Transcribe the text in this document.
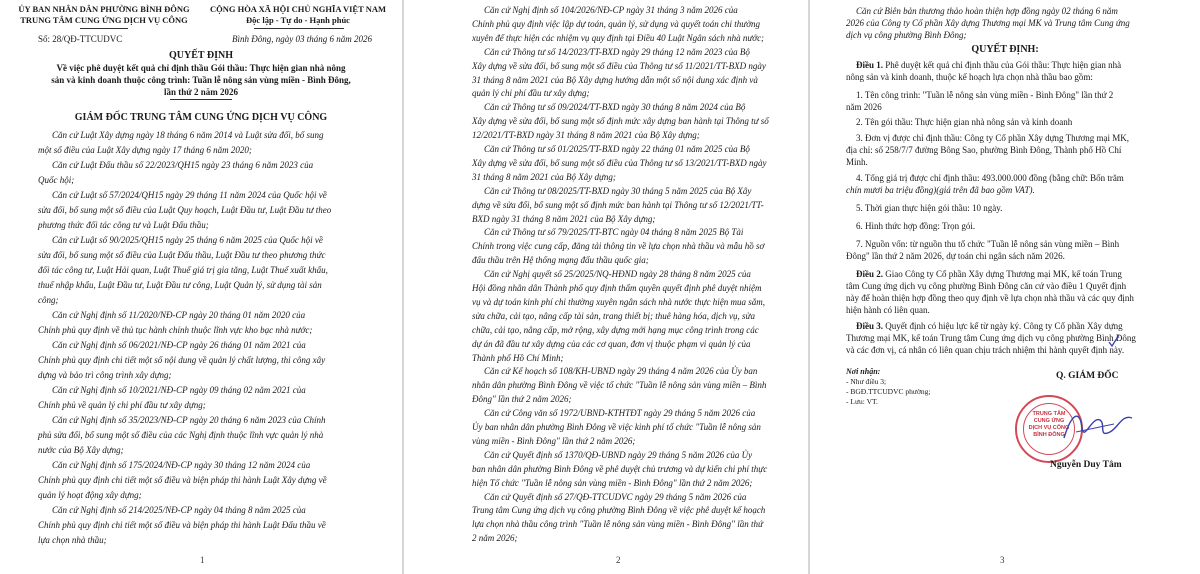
ỦY BAN NHÂN DÂN PHƯỜNG BÌNH ĐÔNG
TRUNG TÂM CUNG ỨNG DỊCH VỤ CÔNG
CỘNG HÒA XÃ HỘI CHỦ NGHĨA VIỆT NAM
Độc lập - Tự do - Hạnh phúc
Số: 28/QĐ-TTCUDVC	Bình Đông, ngày 03 tháng 6 năm 2026
QUYẾT ĐỊNH
Về việc phê duyệt kết quả chỉ định thầu Gói thầu: Thực hiện gian nhà nông
sản và kinh doanh thuộc công trình: Tuần lễ nông sản vùng miền - Bình Đông,
lần thứ 2 năm 2026
GIÁM ĐỐC TRUNG TÂM CUNG ỨNG DỊCH VỤ CÔNG
Căn cứ Luật Xây dựng ngày 18 tháng 6 năm 2014 và Luật sửa đổi, bổ sung
một số điều của Luật Xây dựng ngày 17 tháng 6 năm 2020;
Căn cứ Luật Đấu thầu số 22/2023/QH15 ngày 23 tháng 6 năm 2023 của
Quốc hội;
Căn cứ Luật số 57/2024/QH15 ngày 29 tháng 11 năm 2024 của Quốc hội về
sửa đổi, bổ sung một số điều của Luật Quy hoạch, Luật Đầu tư, Luật Đầu tư theo
phương thức đối tác công tư và Luật Đấu thầu;
Căn cứ Luật số 90/2025/QH15 ngày 25 tháng 6 năm 2025 của Quốc hội về
sửa đổi, bổ sung một số điều của Luật Đấu thầu, Luật Đầu tư theo phương thức
đối tác công tư, Luật Hải quan, Luật Thuế giá trị gia tăng, Luật Thuế xuất khẩu,
thuế nhập khẩu, Luật Đầu tư, Luật Đầu tư công, Luật Quản lý, sử dụng tài sản
công;
Căn cứ Nghị định số 11/2020/NĐ-CP ngày 20 tháng 01 năm 2020 của
Chính phủ quy định về thủ tục hành chính thuộc lĩnh vực kho bạc nhà nước;
Căn cứ Nghị định số 06/2021/NĐ-CP ngày 26 tháng 01 năm 2021 của
Chính phủ quy định chi tiết một số nội dung về quản lý chất lượng, thi công xây
dựng và bảo trì công trình xây dựng;
Căn cứ Nghị định số 10/2021/NĐ-CP ngày 09 tháng 02 năm 2021 của
Chính phủ về quản lý chi phí đầu tư xây dựng;
Căn cứ Nghị định số 35/2023/NĐ-CP ngày 20 tháng 6 năm 2023 của Chính
phủ sửa đổi, bổ sung một số điều của các Nghị định thuộc lĩnh vực quản lý nhà
nước của Bộ Xây dựng;
Căn cứ Nghị định số 175/2024/NĐ-CP ngày 30 tháng 12 năm 2024 của
Chính phủ quy định chi tiết một số điều và biện pháp thi hành Luật Xây dựng về
quản lý hoạt động xây dựng;
Căn cứ Nghị định số 214/2025/NĐ-CP ngày 04 tháng 8 năm 2025 của
Chính phủ quy định chi tiết một số điều và biện pháp thi hành Luật Đấu thầu về
lựa chọn nhà thầu;
1
Căn cứ Nghị định số 104/2026/NĐ-CP ngày 31 tháng 3 năm 2026 của
Chính phủ quy định việc lập dự toán, quản lý, sử dụng và quyết toán chi thường
xuyên để thực hiện các nhiệm vụ quy định tại Điều 40 Luật Ngân sách nhà nước;
Căn cứ Thông tư số 14/2023/TT-BXD ngày 29 tháng 12 năm 2023 của Bộ
Xây dựng về sửa đổi, bổ sung một số điều của Thông tư số 11/2021/TT-BXD ngày
31 tháng 8 năm 2021 của Bộ Xây dựng hướng dẫn một số nội dung xác định và
quản lý chi phí đầu tư xây dựng;
Căn cứ Thông tư số 09/2024/TT-BXD ngày 30 tháng 8 năm 2024 của Bộ
Xây dựng về sửa đổi, bổ sung một số định mức xây dựng ban hành tại Thông tư số
12/2021/TT-BXD ngày 31 tháng 8 năm 2021 của Bộ Xây dựng;
Căn cứ Thông tư số 01/2025/TT-BXD ngày 22 tháng 01 năm 2025 của Bộ
Xây dựng về sửa đổi, bổ sung một số điều của Thông tư số 13/2021/TT-BXD ngày
31 tháng 8 năm 2021 của Bộ Xây dựng;
Căn cứ Thông tư 08/2025/TT-BXD ngày 30 tháng 5 năm 2025 của Bộ Xây
dựng về sửa đổi, bổ sung một số định mức ban hành tại Thông tư số 12/2021/TT-
BXD ngày 31 tháng 8 năm 2021 của Bộ Xây dựng;
Căn cứ Thông tư số 79/2025/TT-BTC ngày 04 tháng 8 năm 2025 Bộ Tài
Chính trong việc cung cấp, đăng tải thông tin về lựa chọn nhà thầu và mẫu hồ sơ
đấu thầu trên Hệ thống mạng đấu thầu quốc gia;
Căn cứ Nghị quyết số 25/2025/NQ-HĐND ngày 28 tháng 8 năm 2025 của
Hội đồng nhân dân Thành phố quy định thẩm quyền quyết định phê duyệt nhiệm
vụ và dự toán kinh phí chi thường xuyên ngân sách nhà nước thực hiện mua sắm,
sửa chữa, cải tạo, nâng cấp tài sản, trang thiết bị; thuê hàng hóa, dịch vụ, sửa
chữa, cải tạo, nâng cấp, mở rộng, xây dựng mới hạng mục công trình trong các
dự án đã đầu tư xây dựng của các cơ quan, đơn vị thuộc phạm vi quản lý của
Thành phố Hồ Chí Minh;
Căn cứ Kế hoạch số 108/KH-UBND ngày 29 tháng 4 năm 2026 của Ủy ban
nhân dân phường Bình Đông về việc tổ chức "Tuần lễ nông sản vùng miền – Bình
Đông" lần thứ 2 năm 2026;
Căn cứ Công văn số 1972/UBND-KTHTĐT ngày 29 tháng 5 năm 2026 của
Ủy ban nhân dân phường Bình Đông về việc kinh phí tổ chức "Tuần lễ nông sản
vùng miền - Bình Đông" lần thứ 2 năm 2026;
Căn cứ Quyết định số 1370/QĐ-UBND ngày 29 tháng 5 năm 2026 của Ủy
ban nhân dân phường Bình Đông về phê duyệt chủ trương và dự kiến chi phí thực
hiện Tổ chức "Tuần lễ nông sản vùng miền - Bình Đông" lần thứ 2 năm 2026;
Căn cứ Quyết định số 27/QĐ-TTCUDVC ngày 29 tháng 5 năm 2026 của
Trung tâm Cung ứng dịch vụ công phường Bình Đông về việc phê duyệt kế hoạch
lựa chọn nhà thầu công trình "Tuần lễ nông sản vùng miền - Bình Đông" lần thứ
2 năm 2026;
2
Căn cứ Biên bản thương thảo hoàn thiện hợp đồng ngày 02 tháng 6 năm
2026 của Công ty Cổ phần Xây dựng Thương mại MK và Trung tâm Cung ứng
dịch vụ công phường Bình Đông;
QUYẾT ĐỊNH:
Điều 1. Phê duyệt kết quả chỉ định thầu của Gói thầu: Thực hiện gian nhà
nông sản và kinh doanh, thuộc kế hoạch lựa chọn nhà thầu bao gồm:
1. Tên công trình: "Tuần lễ nông sản vùng miền - Bình Đông" lần thứ 2
năm 2026
2. Tên gói thầu: Thực hiện gian nhà nông sản và kinh doanh
3. Đơn vị được chỉ định thầu: Công ty Cổ phần Xây dựng Thương mại MK,
địa chỉ: số 258/7/7 đường Bông Sao, phường Bình Đông, Thành phố Hồ Chí
Minh.
4. Tổng giá trị được chỉ định thầu: 493.000.000 đồng (bằng chữ: Bốn trăm
chín mươi ba triệu đồng)(giá trên đã bao gồm VAT).
5. Thời gian thực hiện gói thầu: 10 ngày.
6. Hình thức hợp đồng: Trọn gói.
7. Nguồn vốn: từ nguồn thu tổ chức "Tuần lễ nông sản vùng miền – Bình
Đông" lần thứ 2 năm 2026, dự toán chi ngân sách năm 2026.
Điều 2. Giao Công ty Cổ phần Xây dựng Thương mại MK, kế toán Trung
tâm Cung ứng dịch vụ công phường Bình Đông căn cứ vào điều 1 Quyết định
này để hoàn thiện hợp đồng theo quy định về lựa chọn nhà thầu và các quy định
hiện hành có liên quan.
Điều 3. Quyết định có hiệu lực kể từ ngày ký. Công ty Cổ phần Xây dựng
Thương mại MK, kế toán Trung tâm Cung ứng dịch vụ công phường Bình Đông
và các đơn vị, cá nhân có liên quan chịu trách nhiệm thi hành quyết định này.
Nơi nhận:
- Như điều 3;
- BGĐ.TTCUDVC phường;
- Lưu: VT.
Q. GIÁM ĐỐC
TRUNG TÂM
CUNG ỨNG
DỊCH VỤ CÔNG
BÌNH ĐÔNG
Nguyễn Duy Tâm
3
